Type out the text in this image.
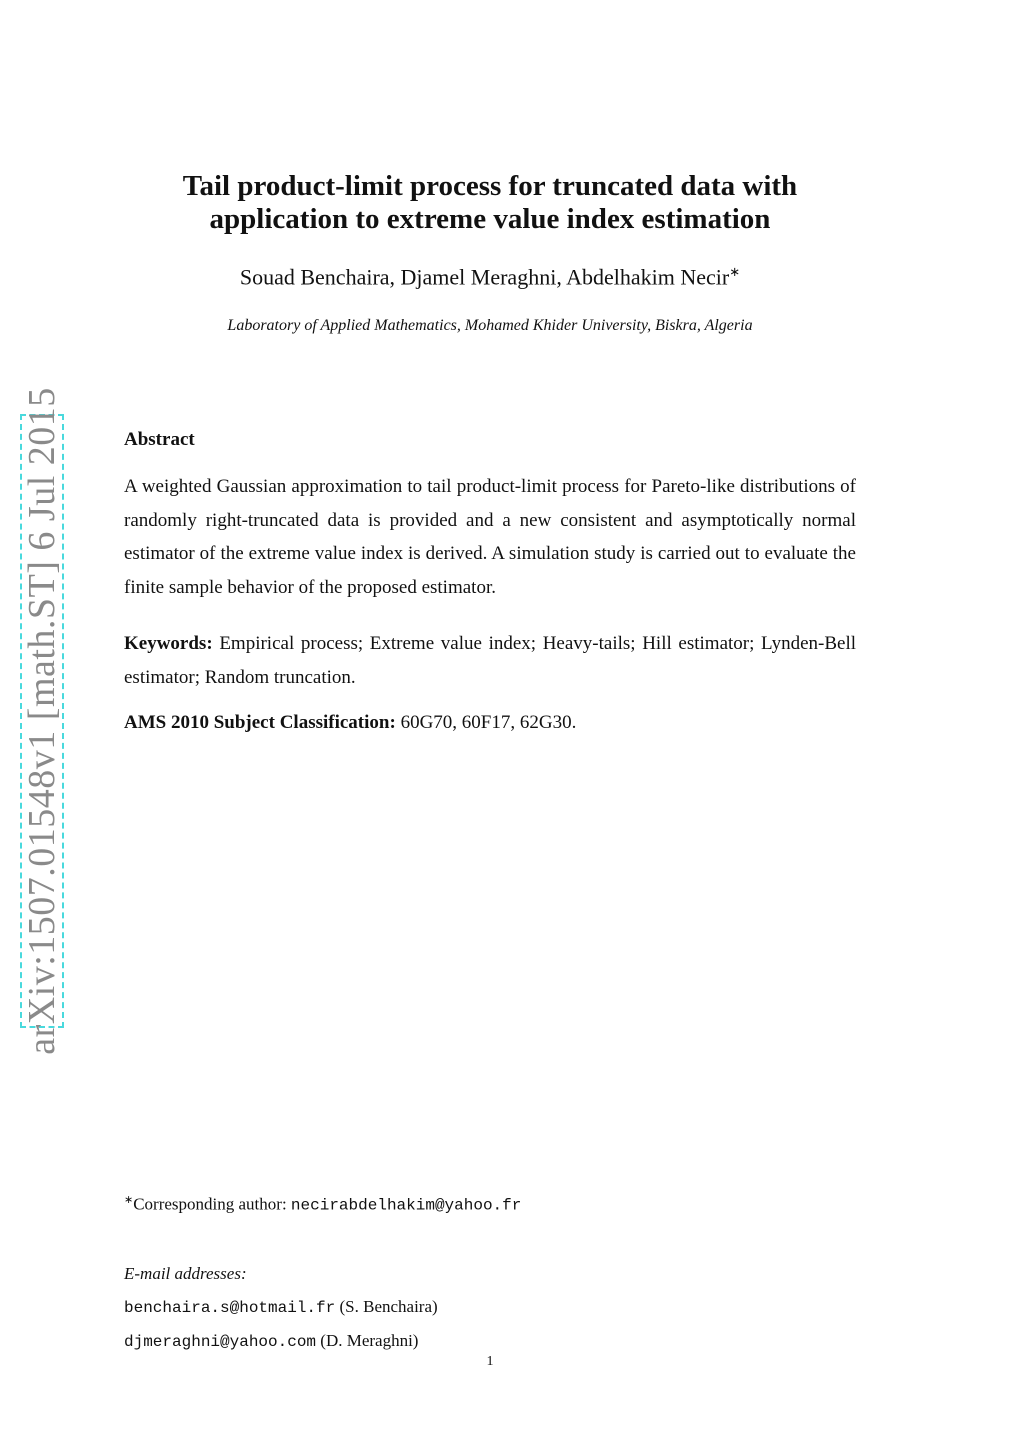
Tail product-limit process for truncated data with
application to extreme value index estimation
Souad Benchaira, Djamel Meraghni, Abdelhakim Necir∗
Laboratory of Applied Mathematics, Mohamed Khider University, Biskra, Algeria
Abstract
A weighted Gaussian approximation to tail product-limit process for Pareto-like distributions of randomly right-truncated data is provided and a new consistent and asymptotically normal estimator of the extreme value index is derived. A simulation study is carried out to evaluate the finite sample behavior of the proposed estimator.
Keywords: Empirical process; Extreme value index; Heavy-tails; Hill estimator; Lynden-Bell estimator; Random truncation.
AMS 2010 Subject Classification: 60G70, 60F17, 62G30.
arXiv:1507.01548v1 [math.ST] 6 Jul 2015
∗Corresponding author: necirabdelhakim@yahoo.fr
E-mail addresses:
benchaira.s@hotmail.fr (S. Benchaira)
djmeraghni@yahoo.com (D. Meraghni)
1
